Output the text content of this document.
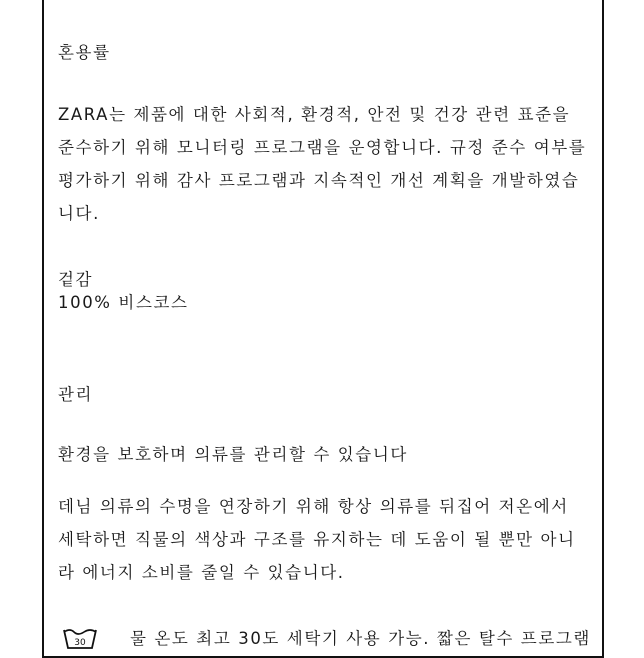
혼용률
ZARA는 제품에 대한 사회적, 환경적, 안전 및 건강 관련 표준을
준수하기 위해 모니터링 프로그램을 운영합니다. 규정 준수 여부를
평가하기 위해 감사 프로그램과 지속적인 개선 계획을 개발하였습
니다.
겉감
100% 비스코스
관리
환경을 보호하며 의류를 관리할 수 있습니다
데님 의류의 수명을 연장하기 위해 항상 의류를 뒤집어 저온에서
세탁하면 직물의 색상과 구조를 유지하는 데 도움이 될 뿐만 아니
라 에너지 소비를 줄일 수 있습니다.
30	물 온도 최고 30도 세탁기 사용 가능. 짧은 탈수 프로그램
